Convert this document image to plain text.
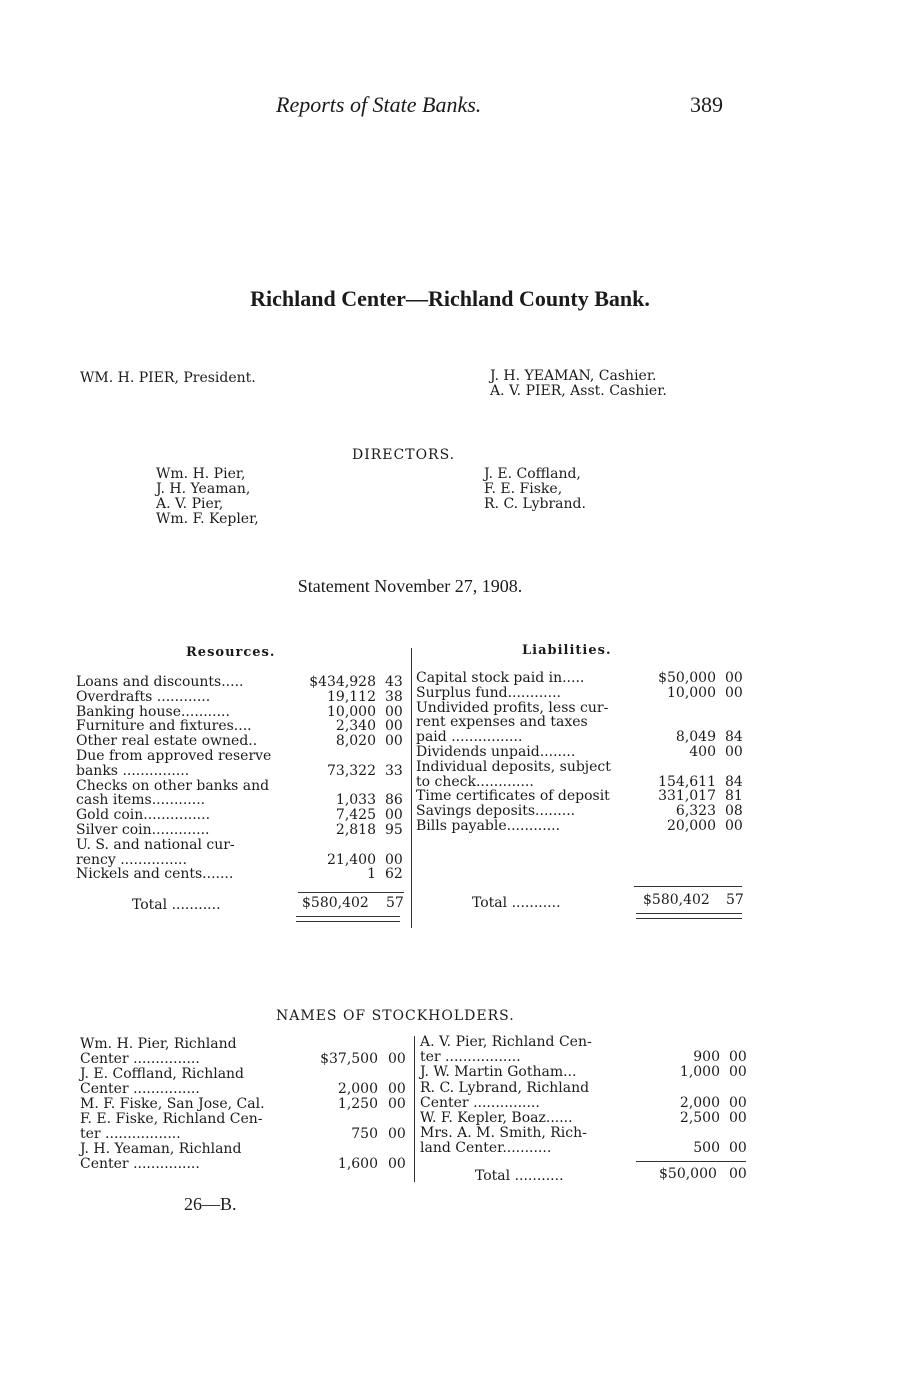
Reports of State Banks.	389
Richland Center—Richland County Bank.
WM. H. PIER, President.	J. H. YEAMAN, Cashier.
A. V. PIER, Asst. Cashier.
DIRECTORS.
Wm. H. Pier,
J. H. Yeaman,
A. V. Pier,
Wm. F. Kepler,
J. E. Coffland,
F. E. Fiske,
R. C. Lybrand.
Statement November 27, 1908.
Resources.	Liabilities.
Loans and discounts.....	$434,928 43
Overdrafts ............	19,112 38
Banking house...........	10,000 00
Furniture and fixtures....	2,340 00
Other real estate owned..	8,020 00
Due from approved reserve
banks ...............	73,322 33
Checks on other banks and
cash items............	1,033 86
Gold coin...............	7,425 00
Silver coin.............	2,818 95
U. S. and national cur-
rency ...............	21,400 00
Nickels and cents.......	1 62
Total ...........	$580,402 57
Capital stock paid in.....	$50,000 00
Surplus fund............	10,000 00
Undivided profits, less cur-
rent expenses and taxes
paid ................	8,049 84
Dividends unpaid........	400 00
Individual deposits, subject
to check.............	154,611 84
Time certificates of deposit	331,017 81
Savings deposits.........	6,323 08
Bills payable............	20,000 00
Total ...........	$580,402 57
NAMES OF STOCKHOLDERS.
Wm. H. Pier, Richland
Center ...............	$37,500 00
J. E. Coffland, Richland
Center ...............	2,000 00
M. F. Fiske, San Jose, Cal.	1,250 00
F. E. Fiske, Richland Cen-
ter .................	750 00
J. H. Yeaman, Richland
Center ...............	1,600 00
A. V. Pier, Richland Cen-
ter .................	900 00
J. W. Martin Gotham...	1,000 00
R. C. Lybrand, Richland
Center ...............	2,000 00
W. F. Kepler, Boaz......	2,500 00
Mrs. A. M. Smith, Rich-
land Center...........	500 00
Total ...........	$50,000 00
26—B.
